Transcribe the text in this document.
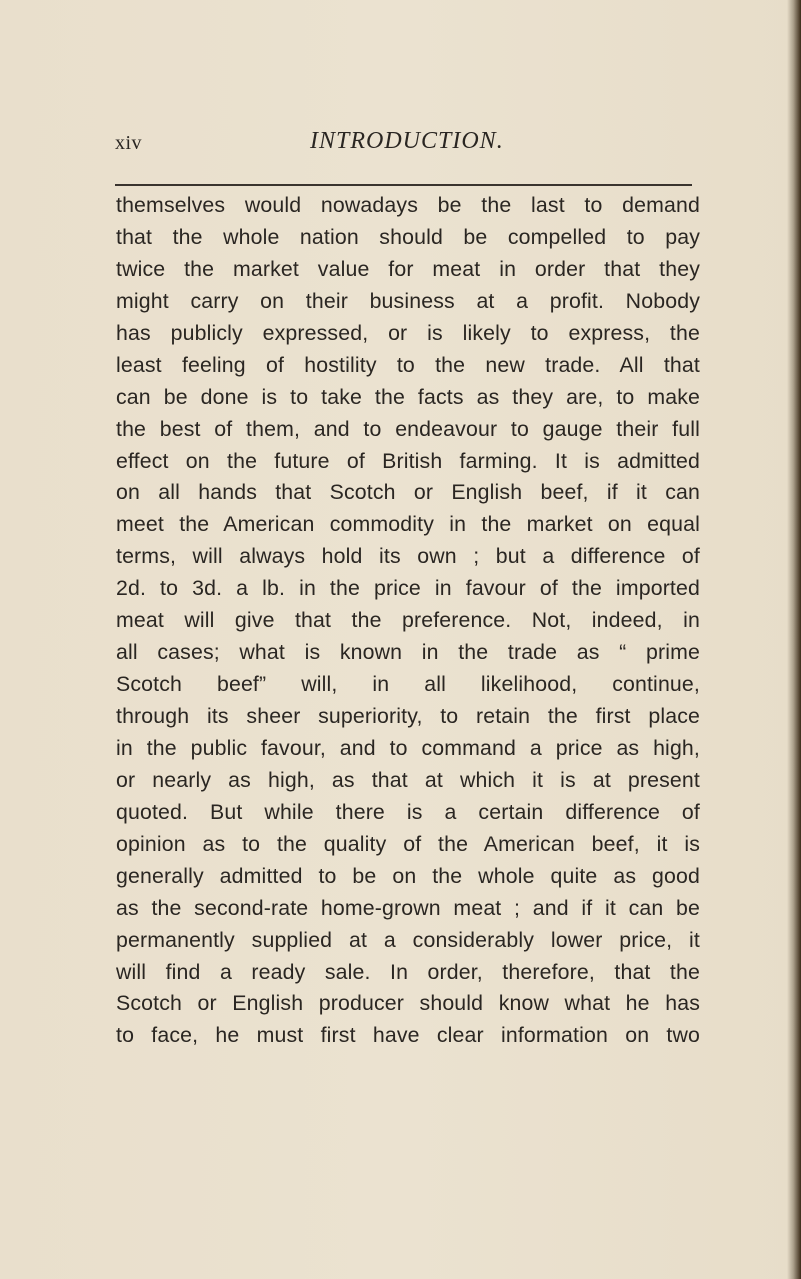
xiv	INTRODUCTION.
themselves would nowadays be the last to demand
that the whole nation should be compelled to pay
twice the market value for meat in order that they
might carry on their business at a profit. Nobody
has publicly expressed, or is likely to express, the
least feeling of hostility to the new trade. All that
can be done is to take the facts as they are, to make
the best of them, and to endeavour to gauge their full
effect on the future of British farming. It is admitted
on all hands that Scotch or English beef, if it can
meet the American commodity in the market on equal
terms, will always hold its own ; but a difference of
2d. to 3d. a lb. in the price in favour of the imported
meat will give that the preference. Not, indeed, in
all cases; what is known in the trade as “ prime
Scotch beef” will, in all likelihood, continue,
through its sheer superiority, to retain the first place
in the public favour, and to command a price as high,
or nearly as high, as that at which it is at present
quoted. But while there is a certain difference of
opinion as to the quality of the American beef, it is
generally admitted to be on the whole quite as good
as the second-rate home-grown meat ; and if it can be
permanently supplied at a considerably lower price, it
will find a ready sale. In order, therefore, that the
Scotch or English producer should know what he has
to face, he must first have clear information on two
